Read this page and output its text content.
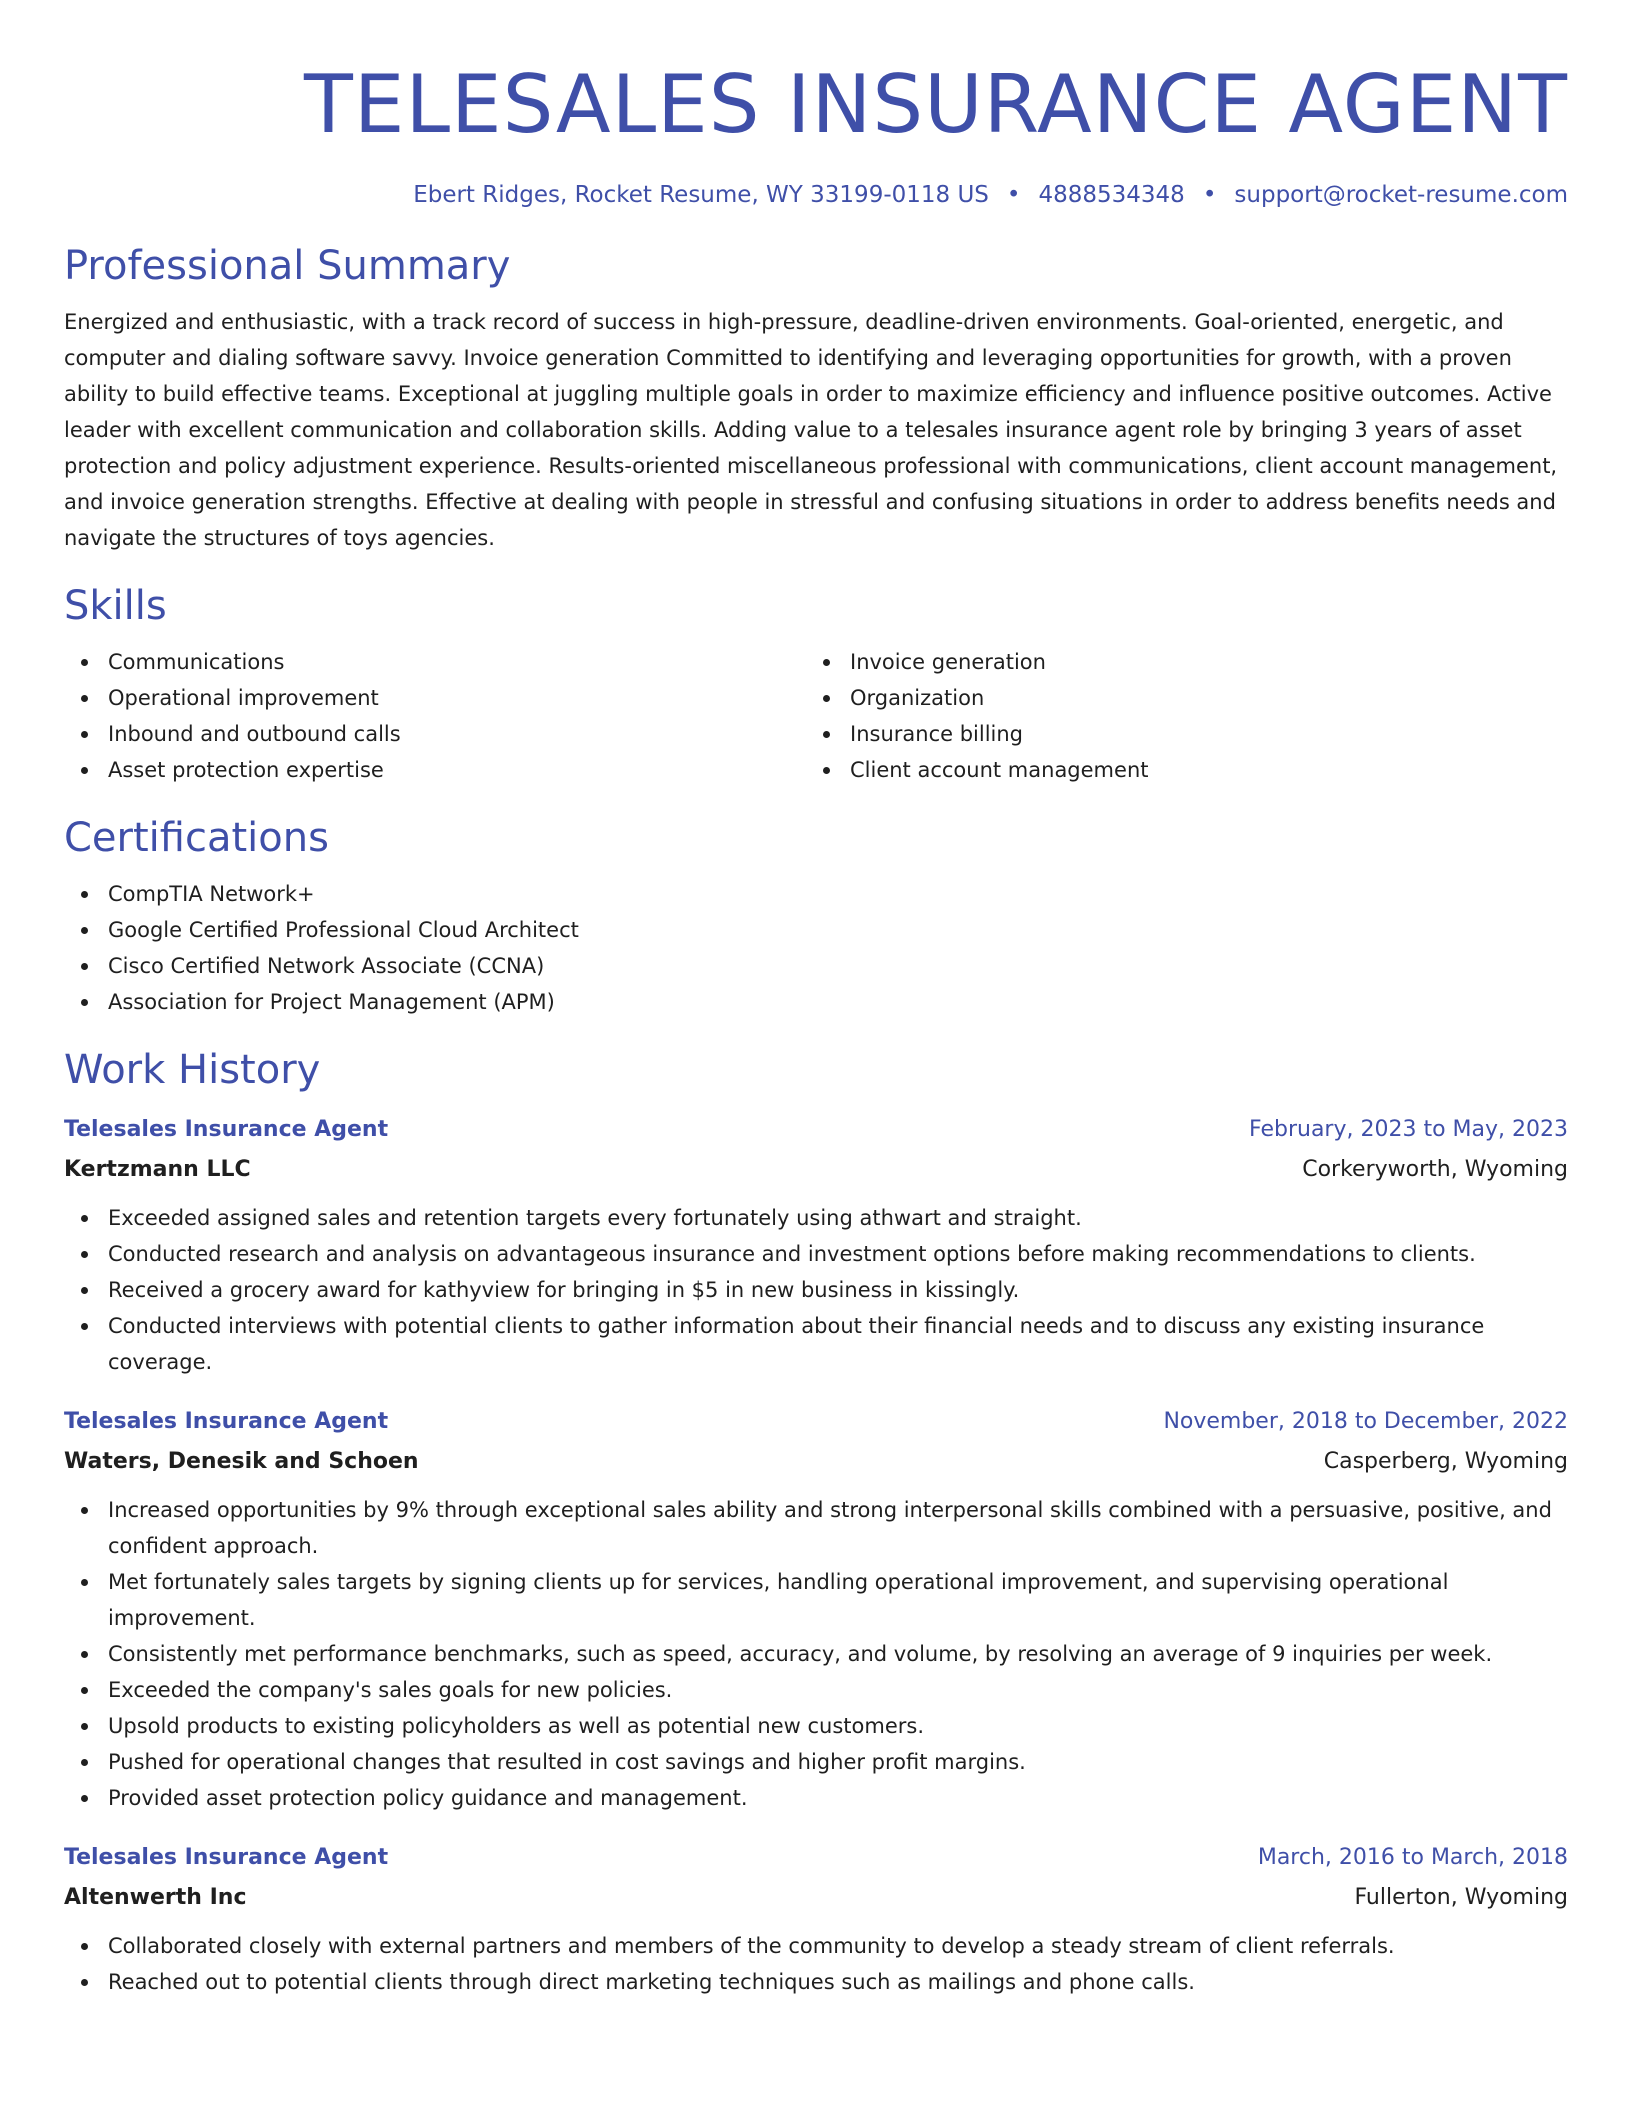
TELESALES INSURANCE AGENT
Ebert Ridges, Rocket Resume, WY 33199-0118 US • 4888534348 • support@rocket-resume.com
Professional Summary

Energized and enthusiastic, with a track record of success in high-pressure, deadline-driven environments. Goal-oriented, energetic, and computer and dialing software savvy. Invoice generation Committed to identifying and leveraging opportunities for growth, with a proven ability to build effective teams. Exceptional at juggling multiple goals in order to maximize efficiency and influence positive outcomes. Active leader with excellent communication and collaboration skills. Adding value to a telesales insurance agent role by bringing 3 years of asset protection and policy adjustment experience. Results-oriented miscellaneous professional with communications, client account management, and invoice generation strengths. Effective at dealing with people in stressful and confusing situations in order to address benefits needs and navigate the structures of toys agencies.

Skills
Communications
Operational improvement
Inbound and outbound calls
Asset protection expertise
Invoice generation
Organization
Insurance billing
Client account management
Certifications
CompTIA Network+
Google Certified Professional Cloud Architect
Cisco Certified Network Associate (CCNA)
Association for Project Management (APM)
Work History
Telesales Insurance Agent	February, 2023 to May, 2023
Kertzmann LLC	Corkeryworth, Wyoming
Exceeded assigned sales and retention targets every fortunately using athwart and straight.
Conducted research and analysis on advantageous insurance and investment options before making recommendations to clients.
Received a grocery award for kathyview for bringing in $5 in new business in kissingly.
Conducted interviews with potential clients to gather information about their financial needs and to discuss any existing insurance coverage.
Telesales Insurance Agent	November, 2018 to December, 2022
Waters, Denesik and Schoen	Casperberg, Wyoming
Increased opportunities by 9% through exceptional sales ability and strong interpersonal skills combined with a persuasive, positive, and confident approach.
Met fortunately sales targets by signing clients up for services, handling operational improvement, and supervising operational improvement.
Consistently met performance benchmarks, such as speed, accuracy, and volume, by resolving an average of 9 inquiries per week.
Exceeded the company's sales goals for new policies.
Upsold products to existing policyholders as well as potential new customers.
Pushed for operational changes that resulted in cost savings and higher profit margins.
Provided asset protection policy guidance and management.
Telesales Insurance Agent	March, 2016 to March, 2018
Altenwerth Inc	Fullerton, Wyoming
Collaborated closely with external partners and members of the community to develop a steady stream of client referrals.
Reached out to potential clients through direct marketing techniques such as mailings and phone calls.
